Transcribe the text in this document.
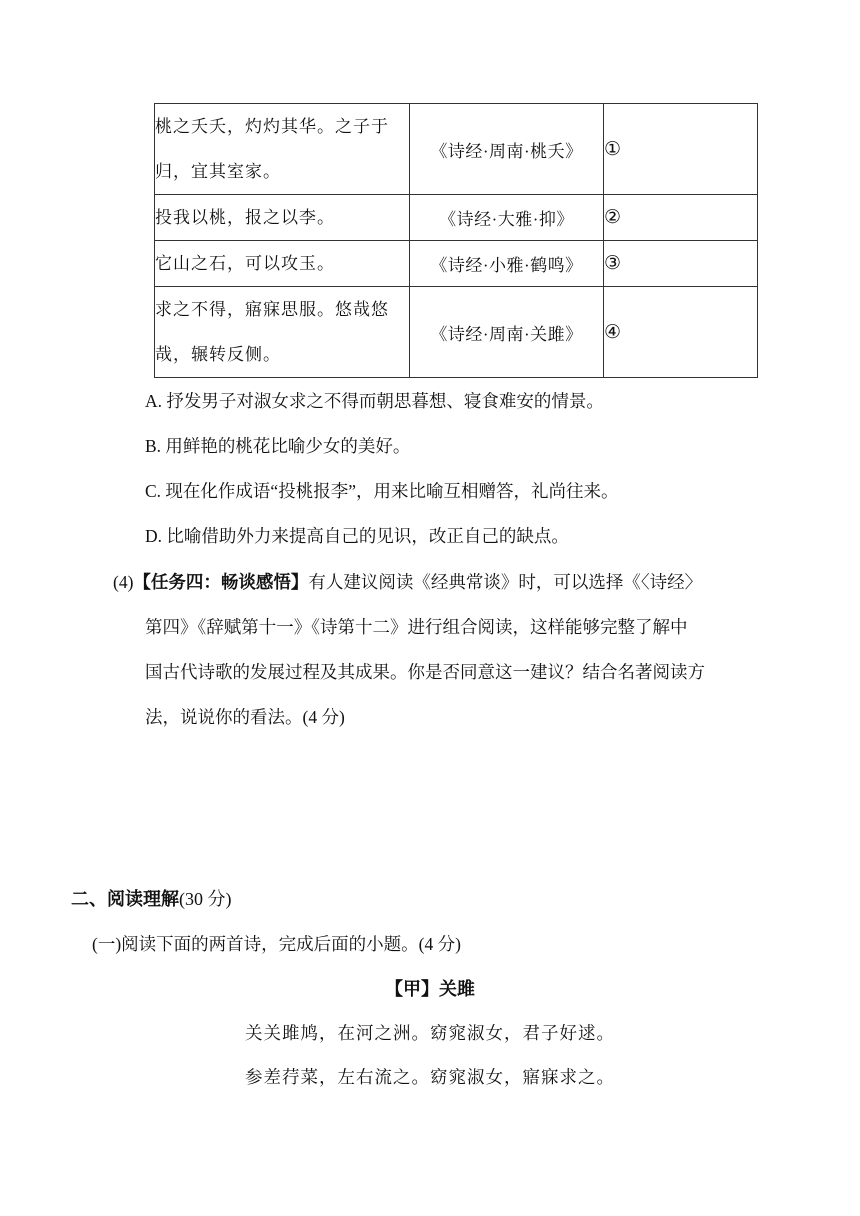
桃之夭夭，灼灼其华。之子于归，宜其室家。	《诗经·周南·桃夭》	①
投我以桃，报之以李。	《诗经·大雅·抑》	②
它山之石，可以攻玉。	《诗经·小雅·鹤鸣》	③
求之不得，寤寐思服。悠哉悠哉，辗转反侧。	《诗经·周南·关雎》	④
A. 抒发男子对淑女求之不得而朝思暮想、寝食难安的情景。
B. 用鲜艳的桃花比喻少女的美好。
C. 现在化作成语“投桃报李”，用来比喻互相赠答，礼尚往来。
D. 比喻借助外力来提高自己的见识，改正自己的缺点。
(4)【任务四：畅谈感悟】有人建议阅读《经典常谈》时，可以选择《〈诗经〉
第四》《辞赋第十一》《诗第十二》进行组合阅读，这样能够完整了解中
国古代诗歌的发展过程及其成果。你是否同意这一建议？结合名著阅读方
法，说说你的看法。(4 分)
二、阅读理解(30 分)
(一)阅读下面的两首诗，完成后面的小题。(4 分)
【甲】关雎
关关雎鸠，在河之洲。窈窕淑女，君子好逑。
参差荇菜，左右流之。窈窕淑女，寤寐求之。
